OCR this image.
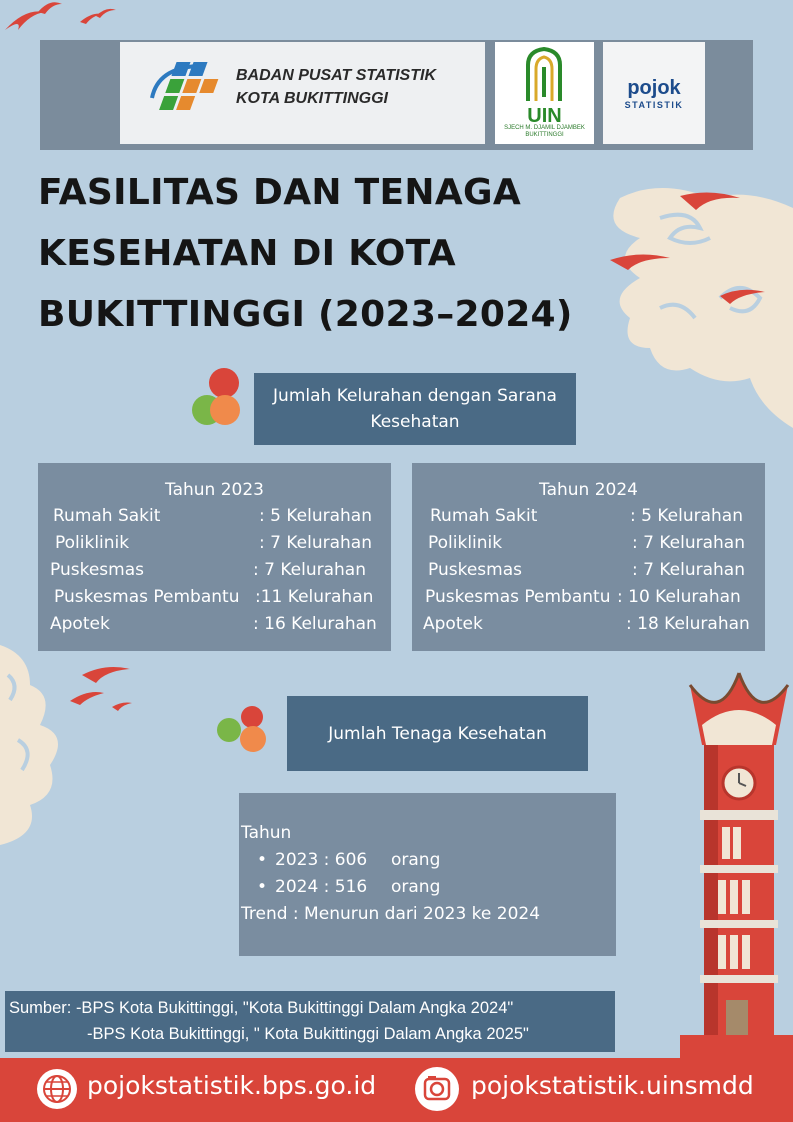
BADAN PUSAT STATISTIK
KOTA BUKITTINGGI
UIN
SJECH M. DJAMIL DJAMBEK BUKITTINGGI
pojok
STATISTIK
FASILITAS DAN TENAGA
KESEHATAN DI KOTA
BUKITTINGGI (2023–2024)
Jumlah Kelurahan dengan Sarana
Kesehatan
Tahun 2023
Rumah Sakit	: 5 Kelurahan
Poliklinik	: 7 Kelurahan
Puskesmas	: 7 Kelurahan
Puskesmas Pembantu :11 Kelurahan
Apotek	: 16 Kelurahan
Tahun 2024
Rumah Sakit	: 5 Kelurahan
Poliklinik	: 7 Kelurahan
Puskesmas	: 7 Kelurahan
Puskesmas Pembantu : 10 Kelurahan
Apotek	: 18 Kelurahan
Jumlah Tenaga Kesehatan
Tahun
• 2023 : 606 orang
• 2024 : 516 orang
Trend : Menurun dari 2023 ke 2024
Sumber: -BPS Kota Bukittinggi, "Kota Bukittinggi Dalam Angka 2024"
-BPS Kota Bukittinggi, " Kota Bukittinggi Dalam Angka 2025"
pojokstatistik.bps.go.id	pojokstatistik.uinsmdd
